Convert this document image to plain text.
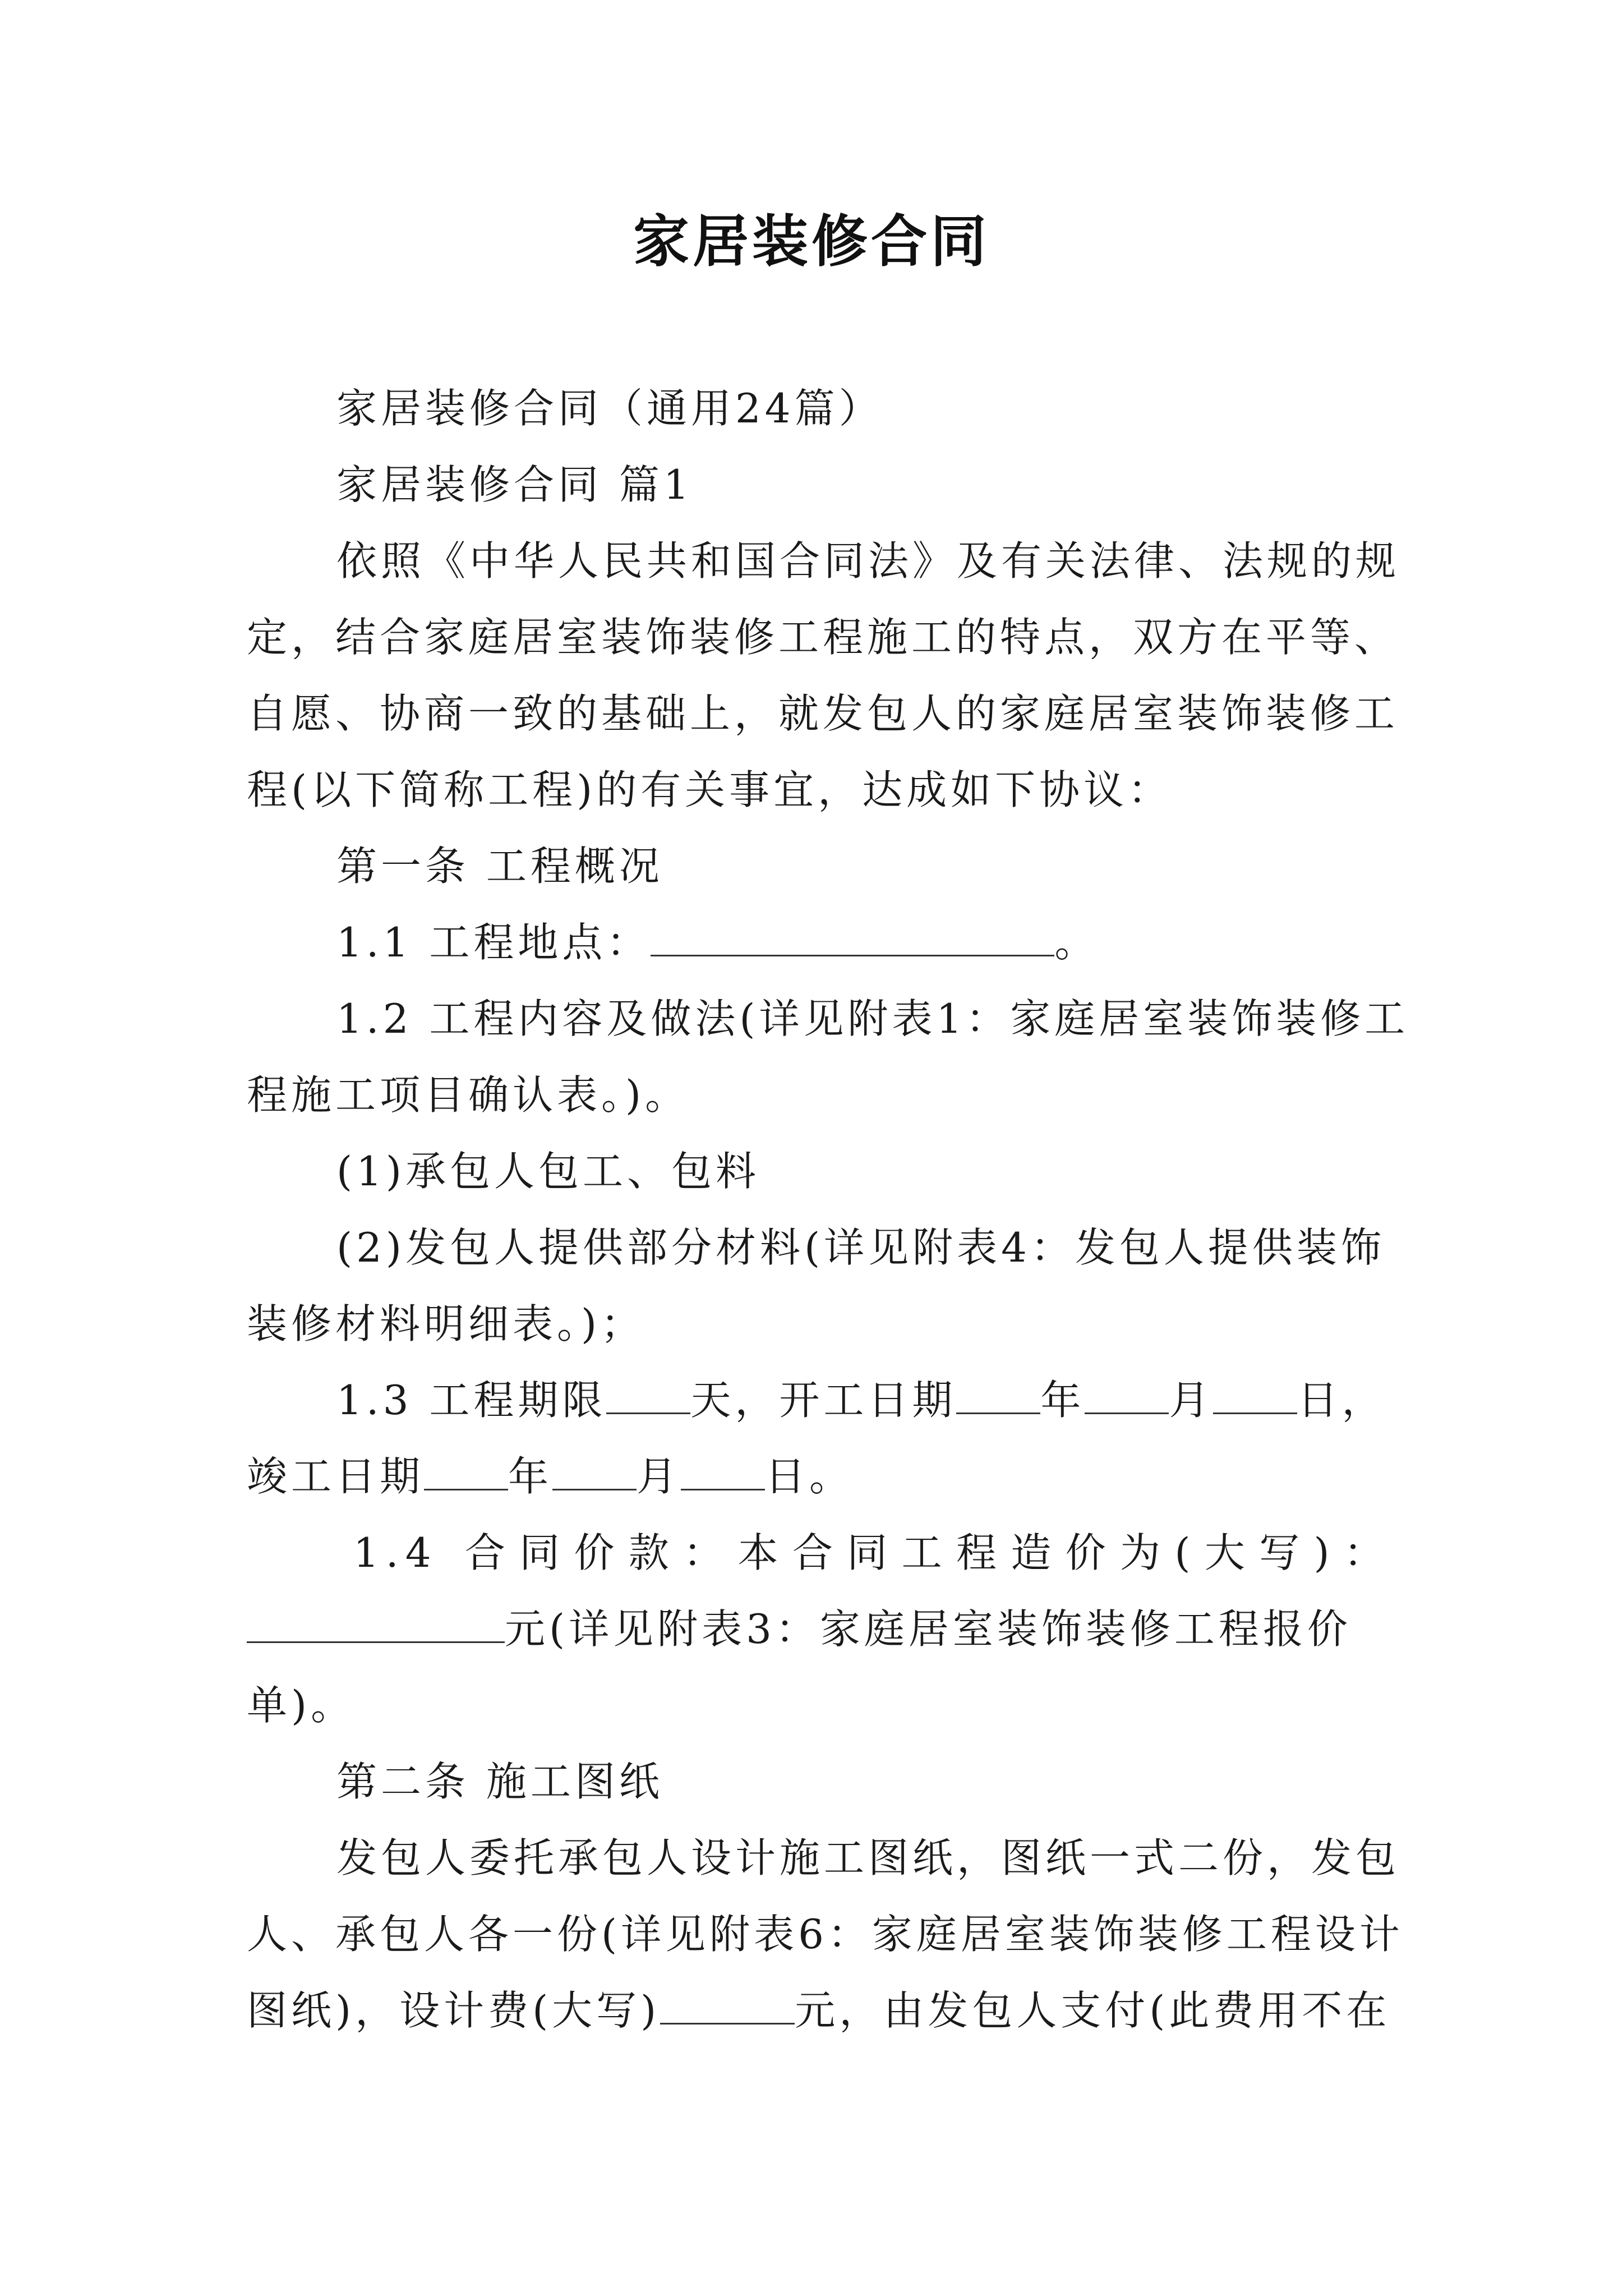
家居装修合同

家居装修合同（通用24篇）

家居装修合同 篇1

依照《中华人民共和国合同法》及有关法律、法规的规

定，结合家庭居室装饰装修工程施工的特点，双方在平等、

自愿、协商一致的基础上，就发包人的家庭居室装饰装修工

程(以下简称工程)的有关事宜，达成如下协议：

第一条 工程概况

1.1 工程地点：	。

1.2 工程内容及做法(详见附表1：家庭居室装饰装修工

程施工项目确认表。)。

(1)承包人包工、包料

(2)发包人提供部分材料(详见附表4：发包人提供装饰

装修材料明细表。)；

1.3 工程期限 天，开工日期 年 月 日，

竣工日期 年 月 日。

1.4 合同价款：本合同工程造价为(大写)：

元(详见附表3：家庭居室装饰装修工程报价

单)。

第二条 施工图纸

发包人委托承包人设计施工图纸，图纸一式二份，发包

人、承包人各一份(详见附表6：家庭居室装饰装修工程设计

图纸)，设计费(大写)	元，由发包人支付(此费用不在
